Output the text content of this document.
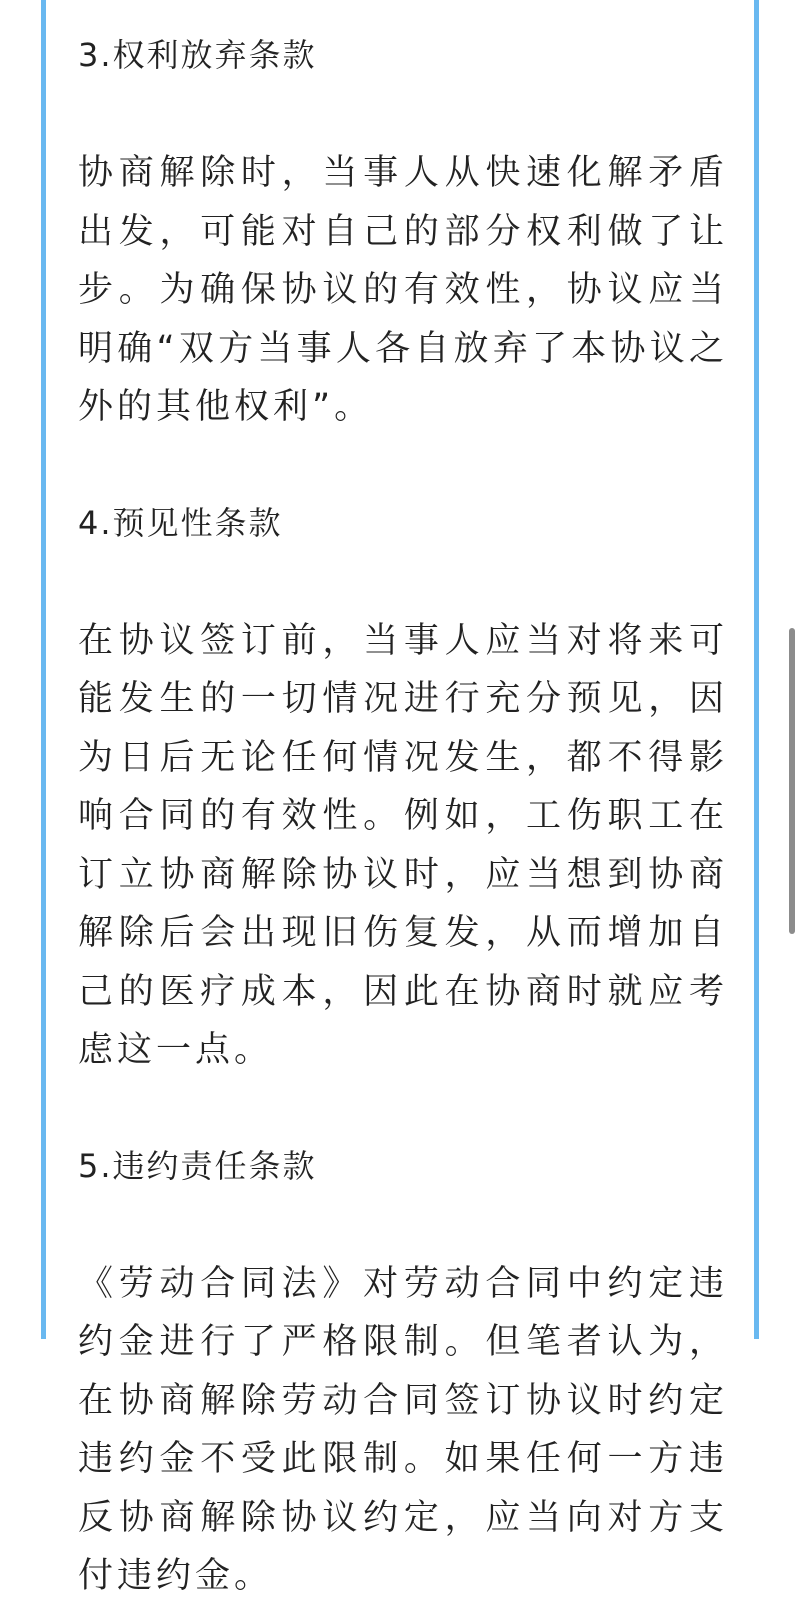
3.权利放弃条款

协商解除时，当事人从快速化解矛盾出发，可能对自己的部分权利做了让步。为确保协议的有效性，协议应当明确“双方当事人各自放弃了本协议之外的其他权利”。

4.预见性条款

在协议签订前，当事人应当对将来可能发生的一切情况进行充分预见，因为日后无论任何情况发生，都不得影响合同的有效性。例如，工伤职工在订立协商解除协议时，应当想到协商解除后会出现旧伤复发，从而增加自己的医疗成本，因此在协商时就应考虑这一点。

5.违约责任条款

《劳动合同法》对劳动合同中约定违约金进行了严格限制。但笔者认为，在协商解除劳动合同签订协议时约定违约金不受此限制。如果任何一方违反协商解除协议约定，应当向对方支付违约金。
